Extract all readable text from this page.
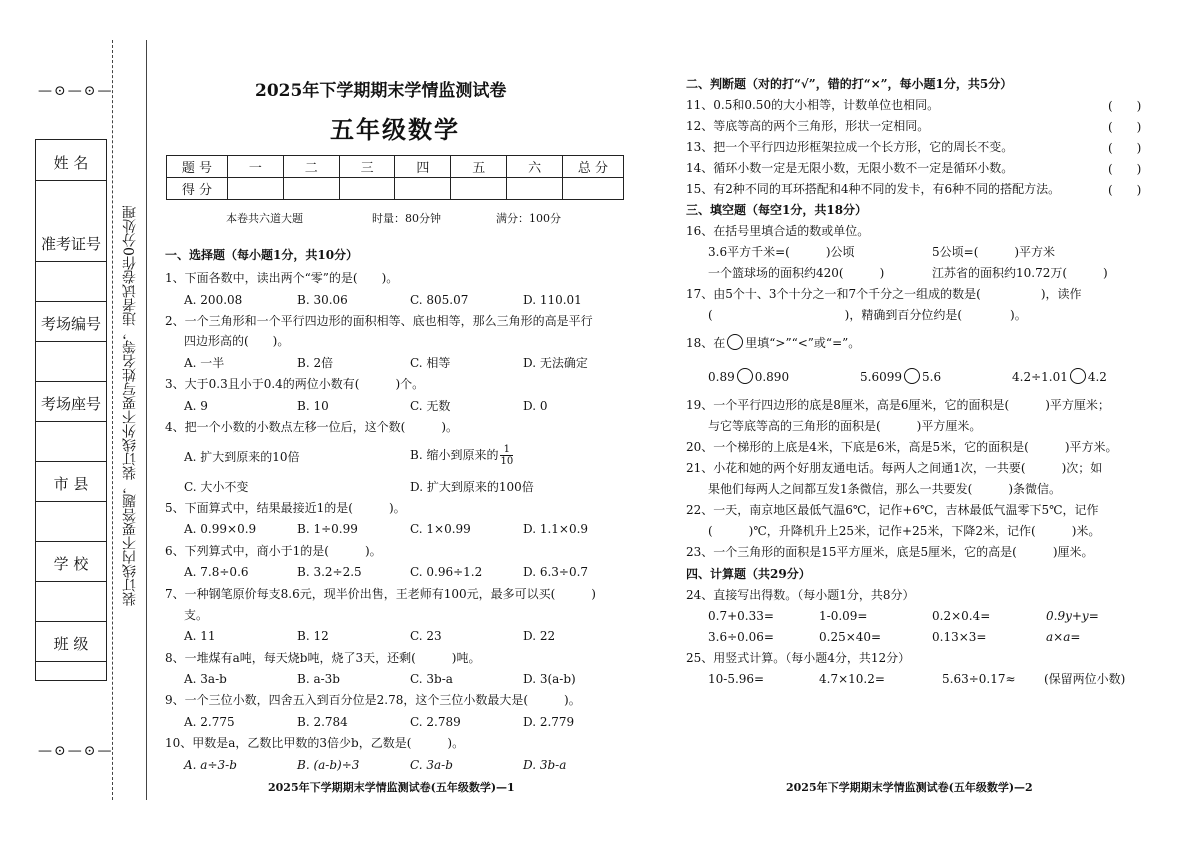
—⊙—⊙—
姓 名
准考证号
考场编号
考场座号
市 县
学 校
班 级
—⊙—⊙—
装订线内不要答题，装订线外不要写姓名等，违者试卷作0分处理
2025年下学期期末学情监测试卷
五年级数学
题 号	一	二	三	四	五	六	总 分
得 分							
本卷共六道大题	时量：80分钟	满分：100分
一、选择题（每小题1分，共10分）
1、下面各数中，读出两个“零”的是(　　)。
A. 200.08	B. 30.06	C. 805.07	D. 110.01
2、一个三角形和一个平行四边形的面积相等、底也相等，那么三角形的高是平行
四边形高的(　　)。
A. 一半	B. 2倍	C. 相等	D. 无法确定
3、大于0.3且小于0.4的两位小数有(　　　)个。
A. 9	B. 10	C. 无数	D. 0
4、把一个小数的小数点左移一位后，这个数(　　　)。
A. 扩大到原来的10倍	B. 缩小到原来的 $\frac{1}{10}$
C. 大小不变	D. 扩大到原来的100倍
5、下面算式中，结果最接近1的是(　　　)。
A. 0.99×0.9	B. 1÷0.99	C. 1×0.99	D. 1.1×0.9
6、下列算式中，商小于1的是(　　　)。
A. 7.8÷0.6	B. 3.2÷2.5	C. 0.96÷1.2	D. 6.3÷0.7
7、一种钢笔原价每支8.6元，现半价出售，王老师有100元，最多可以买(　　　)
支。
A. 11	B. 12	C. 23	D. 22
8、一堆煤有a吨，每天烧b吨，烧了3天，还剩(　　　)吨。
A. 3a-b	B. a-3b	C. 3b-a	D. 3(a-b)
9、一个三位小数，四舍五入到百分位是2.78，这个三位小数最大是(　　　)。
A. 2.775	B. 2.784	C. 2.789	D. 2.779
10、甲数是a，乙数比甲数的3倍少b，乙数是(　　　)。
A. a÷3-b	B. (a-b)÷3	C. 3a-b	D. 3b-a
2025年下学期期末学情监测试卷(五年级数学)—1
二、判断题（对的打“√”，错的打“×”，每小题1分，共5分）
11、0.5和0.50的大小相等，计数单位也相同。	(　　)
12、等底等高的两个三角形，形状一定相同。	(　　)
13、把一个平行四边形框架拉成一个长方形，它的周长不变。	(　　)
14、循环小数一定是无限小数，无限小数不一定是循环小数。	(　　)
15、有2种不同的耳环搭配和4种不同的发卡，有6种不同的搭配方法。	(　　)
三、填空题（每空1分，共18分）
16、在括号里填合适的数或单位。
3.6平方千米=(　　　)公顷	5公顷=(　　　)平方米
一个篮球场的面积约420(　　　)	江苏省的面积约10.72万(　　　)
17、由5个十、3个十分之一和7个千分之一组成的数是(　　　　　)，读作
(　　　　　　　　　　　)，精确到百分位约是(　　　　)。
18、在 里填“>”“<”或“=”。
0.89 0.890	5.6099 5.6	4.2÷1.01 4.2
19、一个平行四边形的底是8厘米，高是6厘米，它的面积是(　　　)平方厘米；
与它等底等高的三角形的面积是(　　　)平方厘米。
20、一个梯形的上底是4米，下底是6米，高是5米，它的面积是(　　　)平方米。
21、小花和她的两个好朋友通电话。每两人之间通1次，一共要(　　　)次；如
果他们每两人之间都互发1条微信，那么一共要发(　　　)条微信。
22、一天，南京地区最低气温6℃，记作+6℃，吉林最低气温零下5℃，记作
(　　　)℃，升降机升上25米，记作+25米，下降2米，记作(　　　)米。
23、一个三角形的面积是15平方厘米，底是5厘米，它的高是(　　　)厘米。
四、计算题（共29分）
24、直接写出得数。（每小题1分，共8分）
0.7+0.33=	1-0.09=	0.2×0.4=	0.9y+y=
3.6÷0.06=	0.25×40=	0.13×3=	a×a=
25、用竖式计算。（每小题4分，共12分）
10-5.96=	4.7×10.2=	5.63÷0.17≈ (保留两位小数)
2025年下学期期末学情监测试卷(五年级数学)—2
